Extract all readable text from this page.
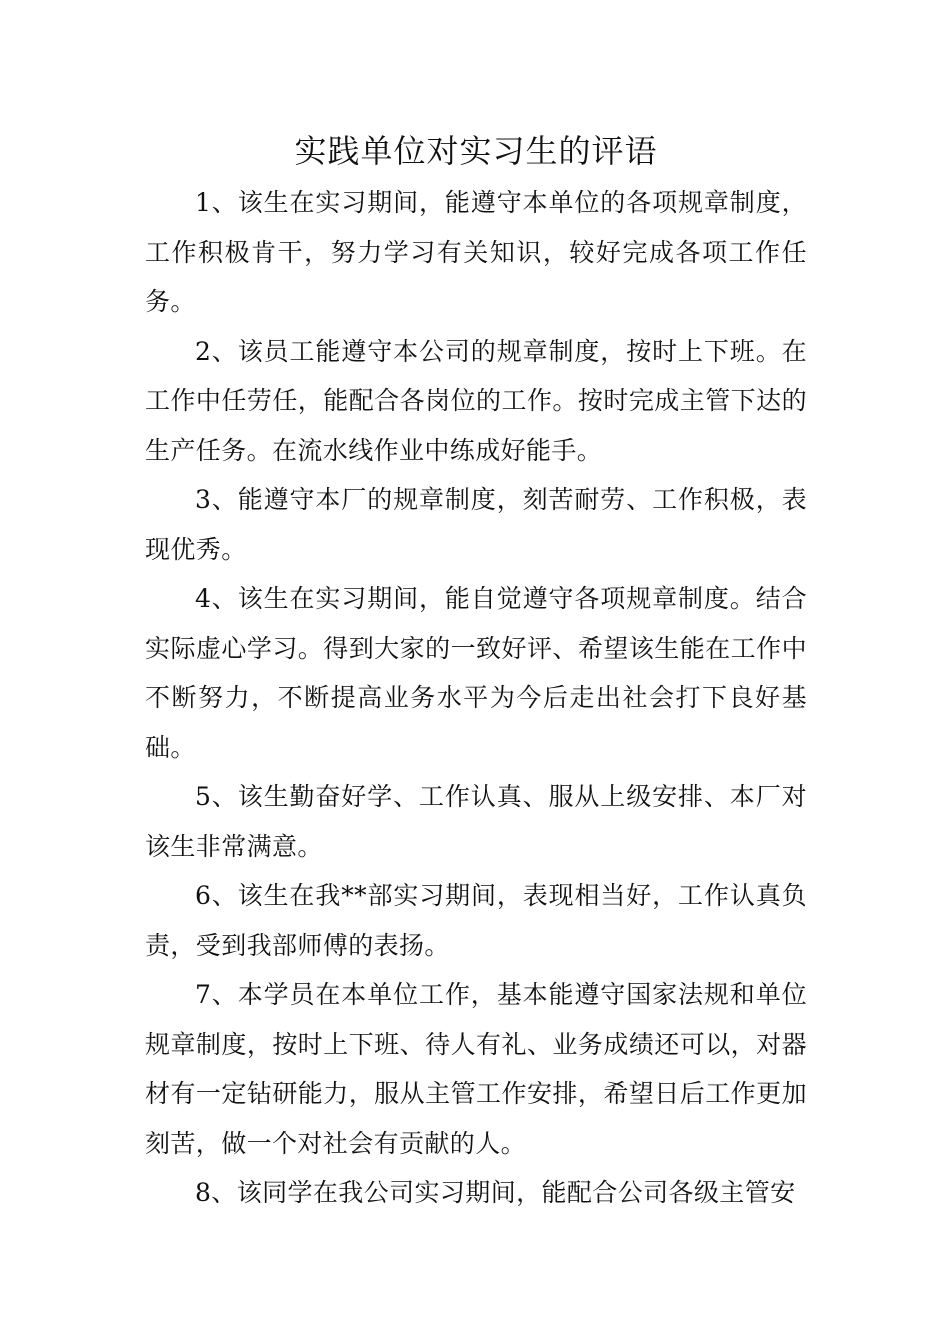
实践单位对实习生的评语

1、该生在实习期间，能遵守本单位的各项规章制度，工作积极肯干，努力学习有关知识，较好完成各项工作任务。

2、该员工能遵守本公司的规章制度，按时上下班。在工作中任劳任，能配合各岗位的工作。按时完成主管下达的生产任务。在流水线作业中练成好能手。

3、能遵守本厂的规章制度，刻苦耐劳、工作积极，表现优秀。

4、该生在实习期间，能自觉遵守各项规章制度。结合实际虚心学习。得到大家的一致好评、希望该生能在工作中不断努力，不断提高业务水平为今后走出社会打下良好基础。

5、该生勤奋好学、工作认真、服从上级安排、本厂对该生非常满意。

6、该生在我**部实习期间，表现相当好，工作认真负责，受到我部师傅的表扬。

7、本学员在本单位工作，基本能遵守国家法规和单位规章制度，按时上下班、待人有礼、业务成绩还可以，对器材有一定钻研能力，服从主管工作安排，希望日后工作更加刻苦，做一个对社会有贡献的人。

8、该同学在我公司实习期间，能配合公司各级主管安
